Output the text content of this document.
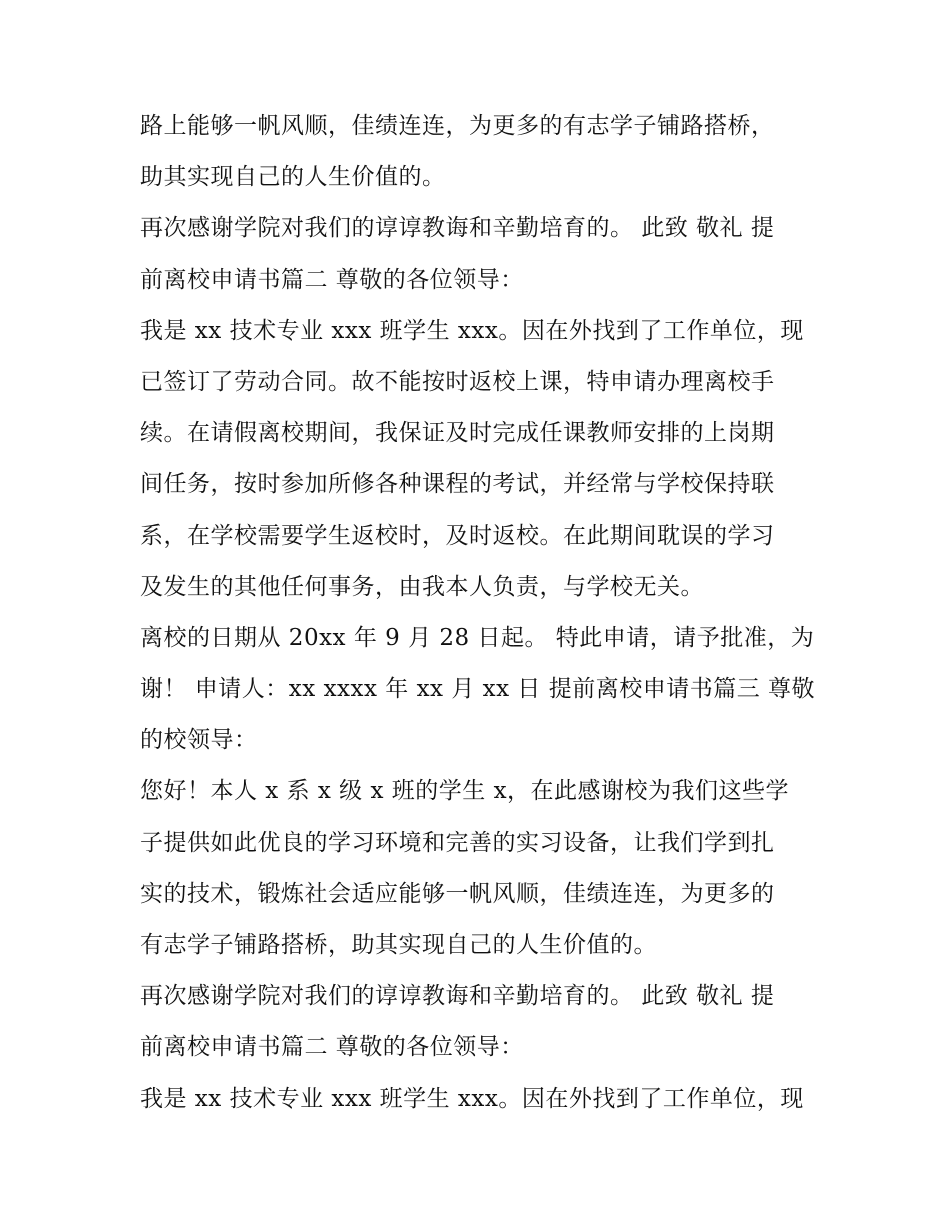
路上能够一帆风顺，佳绩连连，为更多的有志学子铺路搭桥，
助其实现自己的人生价值的。
再次感谢学院对我们的谆谆教诲和辛勤培育的。 此致 敬礼 提
前离校申请书篇二 尊敬的各位领导：
我是 xx 技术专业 xxx 班学生 xxx。因在外找到了工作单位，现
已签订了劳动合同。故不能按时返校上课，特申请办理离校手
续。在请假离校期间，我保证及时完成任课教师安排的上岗期
间任务，按时参加所修各种课程的考试，并经常与学校保持联
系，在学校需要学生返校时，及时返校。在此期间耽误的学习
及发生的其他任何事务，由我本人负责，与学校无关。
离校的日期从 20xx 年 9 月 28 日起。 特此申请，请予批准，为
谢！ 申请人：xx xxxx 年 xx 月 xx 日 提前离校申请书篇三 尊敬
的校领导：
您好！本人 x 系 x 级 x 班的学生 x，在此感谢校为我们这些学
子提供如此优良的学习环境和完善的实习设备，让我们学到扎
实的技术，锻炼社会适应能够一帆风顺，佳绩连连，为更多的
有志学子铺路搭桥，助其实现自己的人生价值的。
再次感谢学院对我们的谆谆教诲和辛勤培育的。 此致 敬礼 提
前离校申请书篇二 尊敬的各位领导：
我是 xx 技术专业 xxx 班学生 xxx。因在外找到了工作单位，现
